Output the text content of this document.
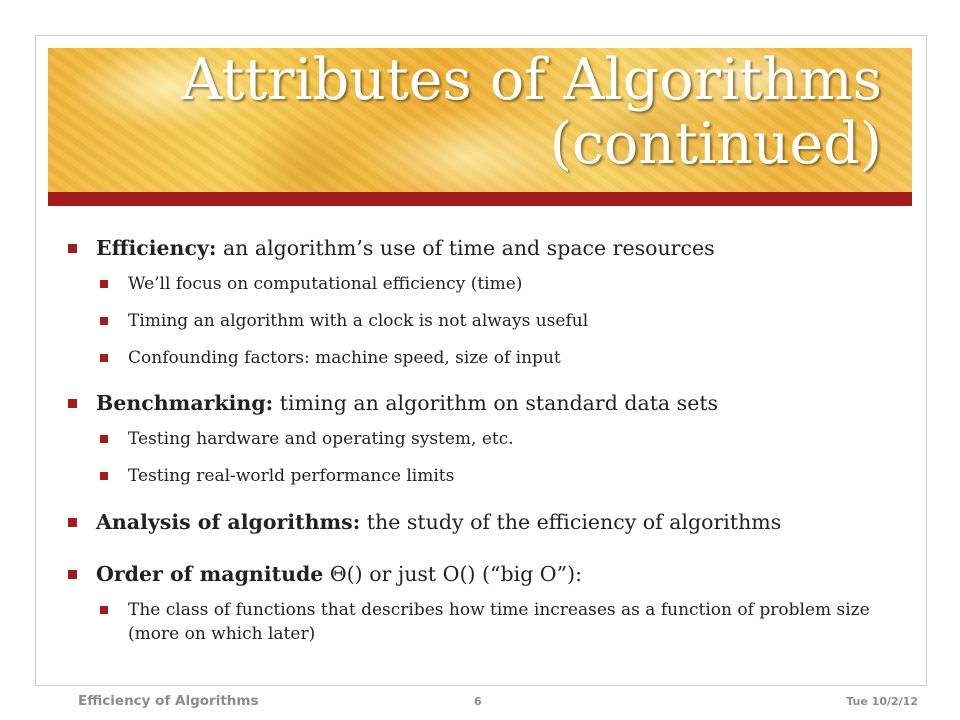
Attributes of Algorithms
(continued)
Efficiency: an algorithm’s use of time and space resources
We’ll focus on computational efficiency (time)
Timing an algorithm with a clock is not always useful
Confounding factors: machine speed, size of input
Benchmarking: timing an algorithm on standard data sets
Testing hardware and operating system, etc.
Testing real-world performance limits
Analysis of algorithms: the study of the efficiency of algorithms
Order of magnitude Θ() or just O() (“big O”):
The class of functions that describes how time increases as a function of problem size (more on which later)
Efficiency of Algorithms	6	Tue 10/2/12
